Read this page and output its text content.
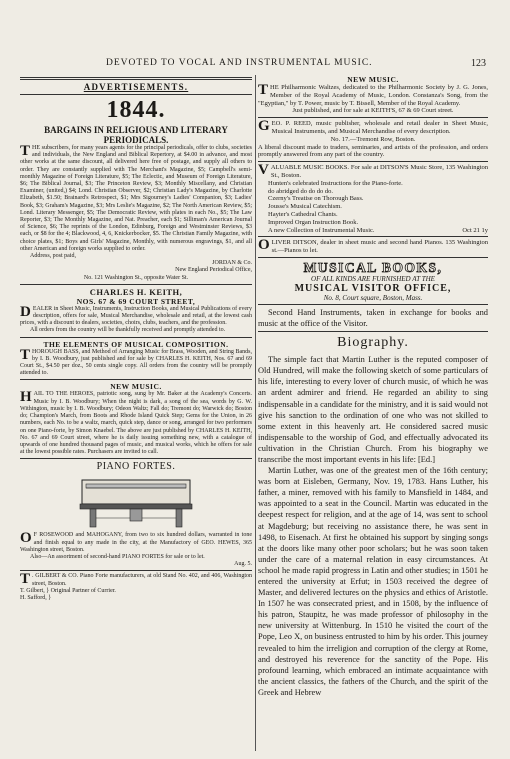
DEVOTED TO VOCAL AND INSTRUMENTAL MUSIC.	123
ADVERTISEMENTS.
1844.
BARGAINS IN RELIGIOUS AND LITERARY PERIODICALS.

THE subscribers, for many years agents for the principal periodicals, offer to clubs, societies and individuals, the New England and Biblical Repertory, at $4.00 in advance, and most other works at the same discount, all delivered here free of postage, and supply all others to order. They are constantly supplied with The Merchant's Magazine, $5; Campbell's semi-monthly Magazine of Foreign Literature, $5; The Eclectic, and Museum of Foreign Literature, $6; The Biblical Journal, $3; The Princeton Review, $3; Monthly Miscellany, and Christian Examiner, (united,) $4; Lond. Christian Observer, $2; Christian Lady's Magazine, by Charlotte Elizabeth, $1.50; Brainard's Retrospect, $1; Mrs Sigourney's Ladies' Companion, $3; Ladies' Book, $3; Graham's Magazine, $3; Mrs Leslie's Magazine, $2; The North American Review, $5; Lond. Literary Messenger, $5; The Democratic Review, with plates in each No., $5; The Law Reporter, $3; The Monthly Magazine, and Nat. Preacher, each $1; Silliman's American Journal of Science, $6; The reprints of the London, Edinburg, Foreign and Westminster Reviews, $3 each, or $8 for the 4; Blackwood, 4, 6, Knickerbocker, $5. The Christian Family Magazine, with choice plates, $1; Boys and Girls' Magazine, Monthly, with numerous engravings, $1, and all other American and foreign works supplied to order.

Address, post paid,

JORDAN & Co.

New England Periodical Office,

No. 121 Washington St., opposite Water St.

CHARLES H. KEITH,
NOS. 67 & 69 COURT STREET,

DEALER in Sheet Music, Instruments, Instruction Books, and Musical Publications of every description, offers for sale, Musical Merchandise, wholesale and retail, at the lowest cash prices, with a discount to dealers, societies, choirs, clubs, teachers, and the profession.

All orders from the country will be thankfully received and promptly attended to.

THE ELEMENTS OF MUSICAL COMPOSITION.

THOROUGH BASS, and Method of Arranging Music for Brass, Wooden, and String Bands, by I. B. Woodbury, just published and for sale by CHARLES H. KEITH, Nos. 67 and 69 Court St., $4.50 per doz., 50 cents single copy. All orders from the country will be promptly attended to.

NEW MUSIC.

HAIL TO THE HEROES, patriotic song, sung by Mr. Baker at the Academy's Concerts. Music by I. B. Woodbury; When the night is dark, a song of the sea, words by G. W. Withington, music by I. B. Woodbury; Odeon Waltz; Fall do; Tremont do; Warwick do; Boston do; Champion's March, from Boots and Rhode Island Quick Step; Gems for the Union, in 26 numbers, each No. to be a waltz, march, quick step, dance or song, arranged for two performers on one Piano-forte, by Simon Knaebel. The above are just published by CHARLES H. KEITH, No. 67 and 69 Court street, where he is daily issuing something new, with a catalogue of upwards of one hundred thousand pages of music, and musical works, which he offers for sale at the lowest possible rates. Purchasers are invited to call.

PIANO FORTES.

O F ROSEWOOD and MAHOGANY, from two to six hundred dollars, warranted in tone and finish equal to any made in the city, at the Manufactory of GEO. HEWES, 365 Washington street, Boston.

Also—An assortment of second-hand PIANO FORTES for sale or to let.

Aug. 5.

T . GILBERT & CO. Piano Forte manufacturers, at old Stand No. 402, and 406, Washington street, Boston.

T. Gilbert, } Original Partner of Currier.

H. Safford, }

NEW MUSIC.

THE Philharmonic Waltzes, dedicated to the Philharmonic Society by J. G. Jones, Member of the Royal Academy of Music, London. Constanza's Song, from the "Egyptian," by T. Power, music by T. Bissell, Member of the Royal Academy.

Just published, and for sale at KEITH'S, 67 & 69 Court street.

GEO. P. REED, music publisher, wholesale and retail dealer in Sheet Music, Musical Instruments, and Musical Merchandise of every description.

No. 17.—Tremont Row, Boston.

A liberal discount made to traders, seminaries, and artists of the profession, and orders promptly answered from any part of the country.

VALUABLE MUSIC BOOKS. For sale at DITSON'S Music Store, 135 Washington St., Boston.

Hunten's celebrated Instructions for the Piano-forte.

do abridged do do do do.

Czerny's Treatise on Thorough Bass.

Jousse's Musical Catechism.

Hayter's Cathedral Chants.

Improved Organ Instruction Book.

A new Collection of Instrumental Music.	Oct 21 1y

OLIVER DITSON, dealer in sheet music and second hand Pianos. 135 Washington st.—Pianos to let.

MUSICAL BOOKS,
OF ALL KINDS ARE FURNISHED AT THE
MUSICAL VISITOR OFFICE,
No. 8, Court square, Boston, Mass.

Second Hand Instruments, taken in exchange for books and music at the office of the Visitor.

Biography.

The simple fact that Martin Luther is the reputed composer of Old Hundred, will make the following sketch of some particulars of his life, interesting to every lover of church music, of which he was an ardent admirer and friend. He regarded an ability to sing indispensable in a candidate for the ministry, and it is said would not give his sanction to the ordination of one who was not skilled to some extent in this heavenly art. He considered sacred music indispensable to the worship of God, and effectually advocated its cultivation in the Christian Church. From his biography we transcribe the most important events in his life: [Ed.]

Martin Luther, was one of the greatest men of the 16th century; was born at Eisleben, Germany, Nov. 19, 1783. Hans Luther, his father, a miner, removed with his family to Mansfield in 1484, and was appointed to a seat in the Council. Martin was educated in the deepest respect for religion, and at the age of 14, was sent to school at Magdeburg; but receiving no assistance there, he was sent in 1498, to Eisenach. At first he obtained his support by singing songs at the doors like many other poor scholars; but he was soon taken under the care of a maternal relation in easy circumstances. At school he made rapid progress in Latin and other studies; in 1501 he entered the university at Erfut; in 1503 received the degree of Master, and delivered lectures on the physics and ethics of Aristotle. In 1507 he was consecrated priest, and in 1508, by the influence of his patron, Staupitz, he was made professor of philosophy in the new university at Wittenburg. In 1510 he visited the court of the Pope, Leo X, on business entrusted to him by his order. This journey revealed to him the irreligion and corruption of the clergy at Rome, and destroyed his reverence for the sanctity of the Pope. His profound learning, which embraced an intimate acquaintance with the ancient classics, the fathers of the Church, and the spirit of the Greek and Hebrew
